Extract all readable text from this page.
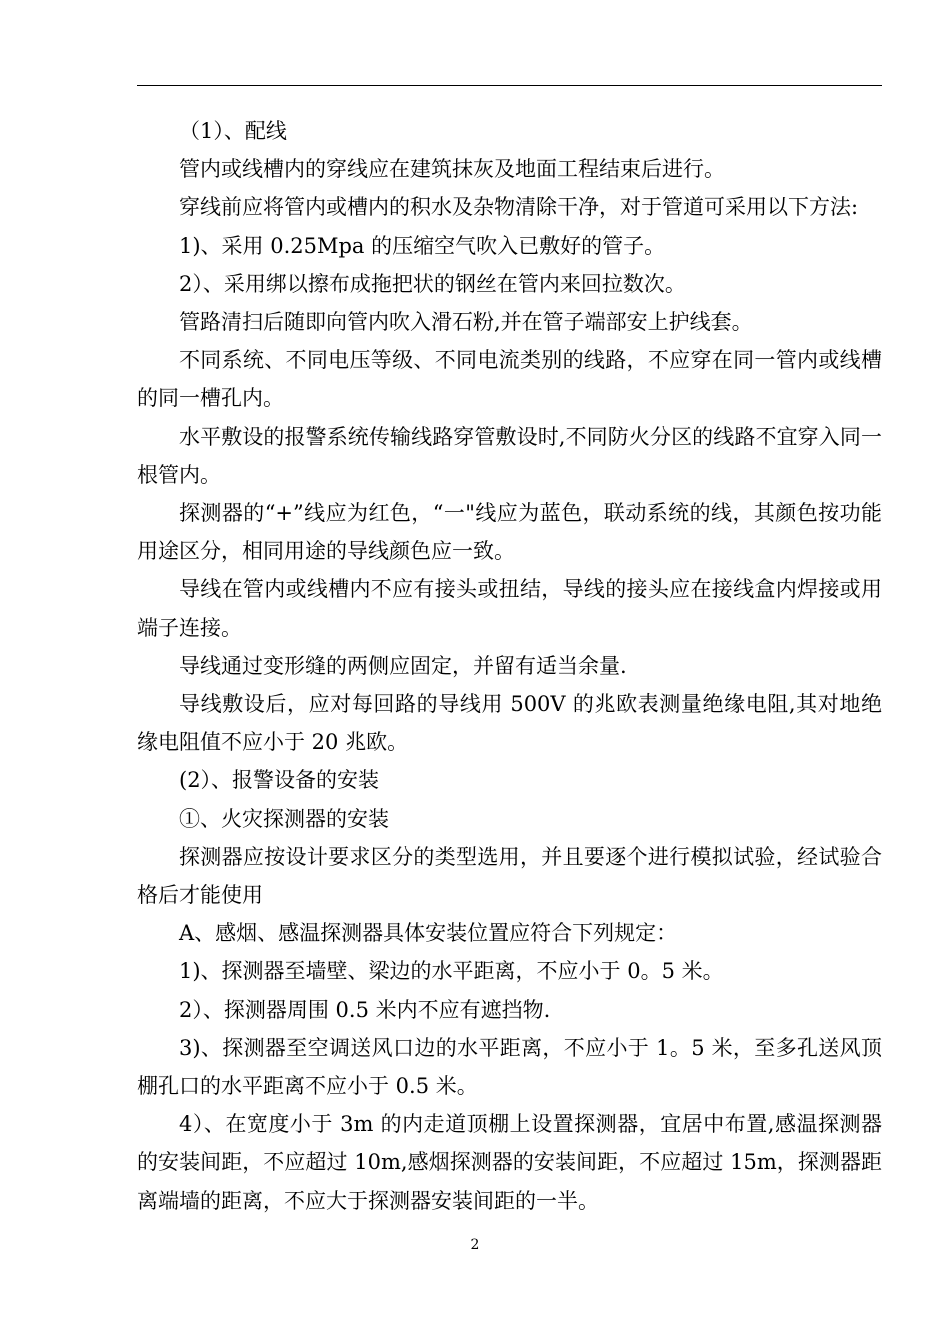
（1）、配线

管内或线槽内的穿线应在建筑抹灰及地面工程结束后进行。

穿线前应将管内或槽内的积水及杂物清除干净，对于管道可采用以下方法:

1)、采用 0.25Mpa 的压缩空气吹入已敷好的管子。

2）、采用绑以擦布成拖把状的钢丝在管内来回拉数次。

管路清扫后随即向管内吹入滑石粉,并在管子端部安上护线套。

不同系统、不同电压等级、不同电流类别的线路，不应穿在同一管内或线槽的同一槽孔内。

水平敷设的报警系统传输线路穿管敷设时,不同防火分区的线路不宜穿入同一根管内。

探测器的“+”线应为红色，“一"线应为蓝色，联动系统的线，其颜色按功能用途区分，相同用途的导线颜色应一致。

导线在管内或线槽内不应有接头或扭结，导线的接头应在接线盒内焊接或用端子连接。

导线通过变形缝的两侧应固定，并留有适当余量.

导线敷设后，应对每回路的导线用 500V 的兆欧表测量绝缘电阻,其对地绝缘电阻值不应小于 20 兆欧。

(2）、报警设备的安装

①、火灾探测器的安装

探测器应按设计要求区分的类型选用，并且要逐个进行模拟试验，经试验合格后才能使用

A、感烟、感温探测器具体安装位置应符合下列规定：

1)、探测器至墙壁、梁边的水平距离，不应小于 0。5 米。

2）、探测器周围 0.5 米内不应有遮挡物.

3)、探测器至空调送风口边的水平距离，不应小于 1。5 米，至多孔送风顶棚孔口的水平距离不应小于 0.5 米。

4）、在宽度小于 3m 的内走道顶棚上设置探测器，宜居中布置,感温探测器的安装间距，不应超过 10m,感烟探测器的安装间距，不应超过 15m，探测器距离端墙的距离，不应大于探测器安装间距的一半。

2
